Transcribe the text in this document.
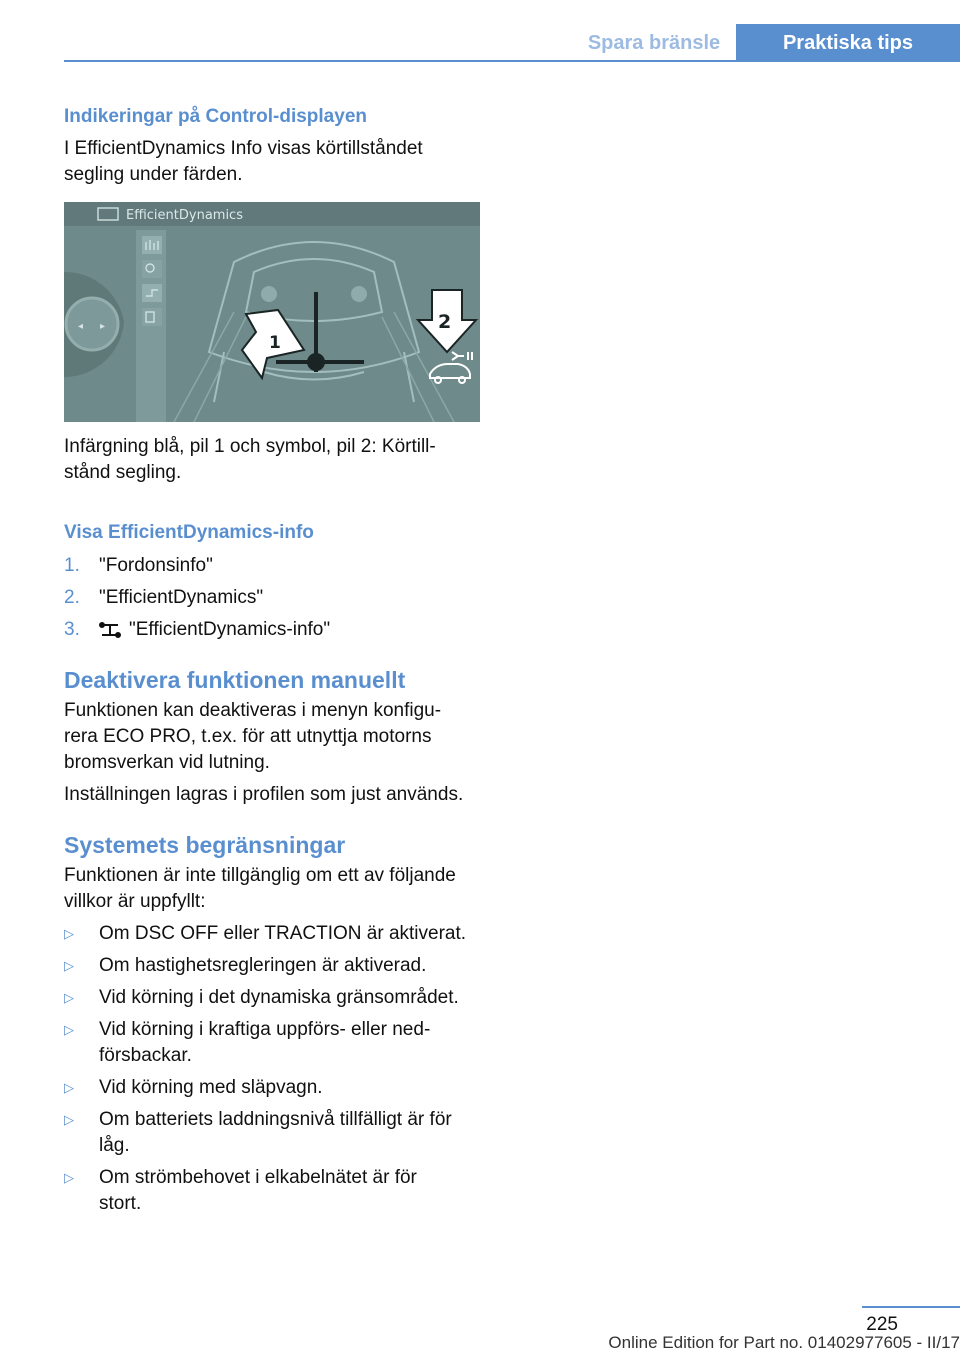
Spara bränsle	Praktiska tips
Indikeringar på Control-displayen
I EfficientDynamics Info visas körtillståndet
segling under färden.
◂ ▸
EfficientDynamics
1
2
Infärgning blå, pil 1 och symbol, pil 2: Körtill-
stånd segling.
Visa EfficientDynamics-info
1. "Fordonsinfo"
2. "EfficientDynamics"
3.	"EfficientDynamics-info"
Deaktivera funktionen manuellt
Funktionen kan deaktiveras i menyn konfigu-
rera ECO PRO, t.ex. för att utnyttja motorns
bromsverkan vid lutning.
Inställningen lagras i profilen som just används.
Systemets begränsningar
Funktionen är inte tillgänglig om ett av följande
villkor är uppfyllt:
▷ Om DSC OFF eller TRACTION är aktiverat.
▷ Om hastighetsregleringen är aktiverad.
▷ Vid körning i det dynamiska gränsområdet.
▷ Vid körning i kraftiga uppförs- eller ned-
försbackar.
▷ Vid körning med släpvagn.
▷ Om batteriets laddningsnivå tillfälligt är för
låg.
▷ Om strömbehovet i elkabelnätet är för
stort.
225
Online Edition for Part no. 01402977605 - II/17
